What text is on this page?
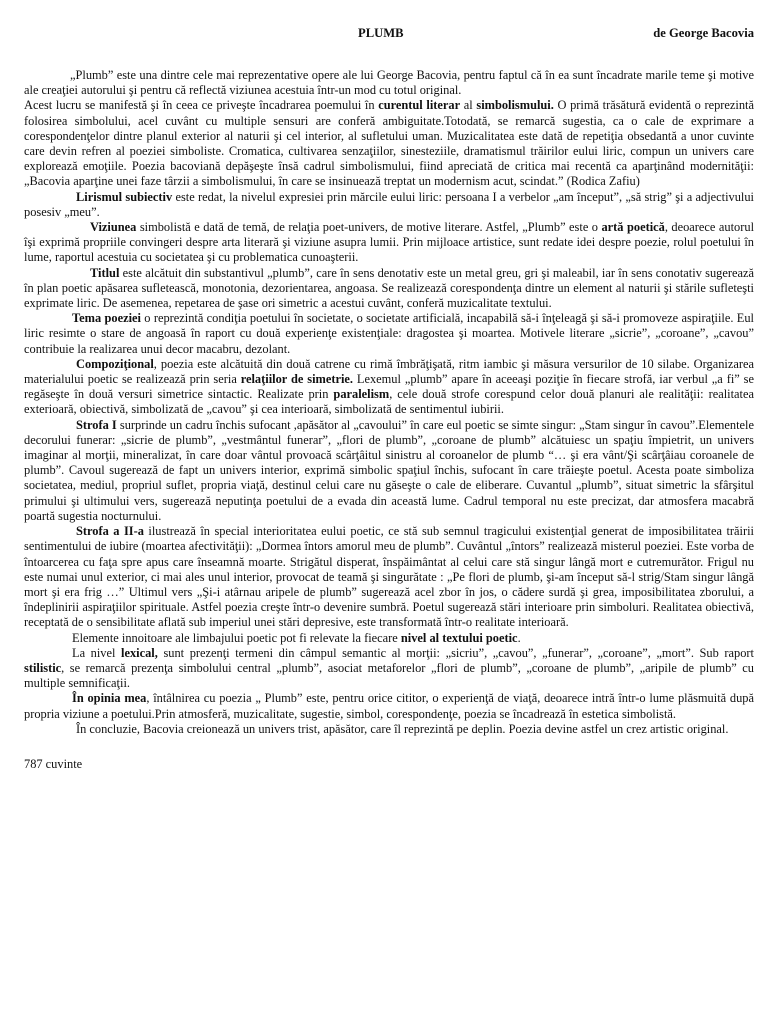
PLUMB	de George Bacovia

„Plumb” este una dintre cele mai reprezentative opere ale lui George Bacovia, pentru faptul că în ea sunt încadrate marile teme şi motive ale creaţiei autorului şi pentru că reflectă viziunea acestuia într-un mod cu totul original.

Acest lucru se manifestă şi în ceea ce priveşte încadrarea poemului în curentul literar al simbolismului. O primă trăsătură evidentă o reprezintă folosirea simbolului, acel cuvânt cu multiple sensuri are conferă ambiguitate.Totodată, se remarcă sugestia, ca o cale de exprimare a corespondenţelor dintre planul exterior al naturii şi cel interior, al sufletului uman. Muzicalitatea este dată de repetiţia obsedantă a unor cuvinte care devin refren al poeziei simboliste. Cromatica, cultivarea senzaţiilor, sinesteziile, dramatismul trăirilor eului liric, compun un univers care explorează emoţiile. Poezia bacoviană depăşeşte însă cadrul simbolismului, fiind apreciată de critica mai recentă ca aparţinând modernităţii: „Bacovia aparţine unei faze târzii a simbolismului, în care se insinuează treptat un modernism acut, scindat.” (Rodica Zafiu)

Lirismul subiectiv este redat, la nivelul expresiei prin mărcile eului liric: persoana I a verbelor „am început”, „să strig” şi a adjectivului posesiv „meu”.

Viziunea simbolistă e dată de temă, de relaţia poet-univers, de motive literare. Astfel, „Plumb” este o artă poetică, deoarece autorul îşi exprimă propriile convingeri despre arta literară şi viziune asupra lumii. Prin mijloace artistice, sunt redate idei despre poezie, rolul poetului în lume, raportul acestuia cu societatea şi cu problematica cunoaşterii.

Titlul este alcătuit din substantivul „plumb”, care în sens denotativ este un metal greu, gri şi maleabil, iar în sens conotativ sugerează în plan poetic apăsarea sufletească, monotonia, dezorientarea, angoasa. Se realizează corespondenţa dintre un element al naturii şi stările sufleteşti exprimate liric. De asemenea, repetarea de şase ori simetric a acestui cuvânt, conferă muzicalitate textului.

Tema poeziei o reprezintă condiţia poetului în societate, o societate artificială, incapabilă să-i înţeleagă şi să-i promoveze aspiraţiile. Eul liric resimte o stare de angoasă în raport cu două experienţe existenţiale: dragostea şi moartea. Motivele literare „sicrie”, „coroane”, „cavou” contribuie la realizarea unui decor macabru, dezolant.

Compoziţional, poezia este alcătuită din două catrene cu rimă îmbrăţişată, ritm iambic şi măsura versurilor de 10 silabe. Organizarea materialului poetic se realizează prin seria relaţiilor de simetrie. Lexemul „plumb” apare în aceeaşi poziţie în fiecare strofă, iar verbul „a fi” se regăseşte în două versuri simetrice sintactic. Realizate prin paralelism, cele două strofe corespund celor două planuri ale realităţii: realitatea exterioară, obiectivă, simbolizată de „cavou” şi cea interioară, simbolizată de sentimentul iubirii.

Strofa I surprinde un cadru închis sufocant ,apăsător al „cavoului” în care eul poetic se simte singur: „Stam singur în cavou”.Elementele decorului funerar: „sicrie de plumb”, „vestmântul funerar”, „flori de plumb”, „coroane de plumb” alcătuiesc un spaţiu împietrit, un univers imaginar al morţii, mineralizat, în care doar vântul provoacă scârţâitul sinistru al coroanelor de plumb “… şi era vânt/Şi scârţâiau coroanele de plumb”. Cavoul sugerează de fapt un univers interior, exprimă simbolic spaţiul închis, sufocant în care trăieşte poetul. Acesta poate simboliza societatea, mediul, propriul suflet, propria viaţă, destinul celui care nu găseşte o cale de eliberare. Cuvantul „plumb”, situat simetric la sfârşitul primului şi ultimului vers, sugerează neputinţa poetului de a evada din această lume. Cadrul temporal nu este precizat, dar atmosfera macabră poartă sugestia nocturnului.

Strofa a II-a ilustrează în special interioritatea eului poetic, ce stă sub semnul tragicului existenţial generat de imposibilitatea trăirii sentimentului de iubire (moartea afectivităţii): „Dormea întors amorul meu de plumb”. Cuvântul „întors” realizează misterul poeziei. Este vorba de întoarcerea cu faţa spre apus care înseamnă moarte. Strigătul disperat, înspăimântat al celui care stă singur lângă mort e cutremurător. Frigul nu este numai unul exterior, ci mai ales unul interior, provocat de teamă şi singurătate : „Pe flori de plumb, şi-am început să-l strig/Stam singur lângă mort şi era frig …” Ultimul vers „Şi-i atârnau aripele de plumb” sugerează acel zbor în jos, o cădere surdă şi grea, imposibilitatea zborului, a îndeplinirii aspiraţiilor spirituale. Astfel poezia creşte într-o devenire sumbră. Poetul sugerează stări interioare prin simboluri. Realitatea obiectivă, receptată de o sensibilitate aflată sub imperiul unei stări depresive, este transformată într-o realitate interioară.

Elemente innoitoare ale limbajului poetic pot fi relevate la fiecare nivel al textului poetic.

La nivel lexical, sunt prezenţi termeni din câmpul semantic al morţii: „sicriu”, „cavou”, „funerar”, „coroane”, „mort”. Sub raport stilistic, se remarcă prezenţa simbolului central „plumb”, asociat metaforelor „flori de plumb”, „coroane de plumb”, „aripile de plumb” cu multiple semnificaţii.

În opinia mea, întâlnirea cu poezia „ Plumb” este, pentru orice cititor, o experienţă de viaţă, deoarece intră într-o lume plăsmuită după propria viziune a poetului.Prin atmosferă, muzicalitate, sugestie, simbol, corespondenţe, poezia se încadrează în estetica simbolistă.

În concluzie, Bacovia creionează un univers trist, apăsător, care îl reprezintă pe deplin. Poezia devine astfel un crez artistic original.

787 cuvinte
